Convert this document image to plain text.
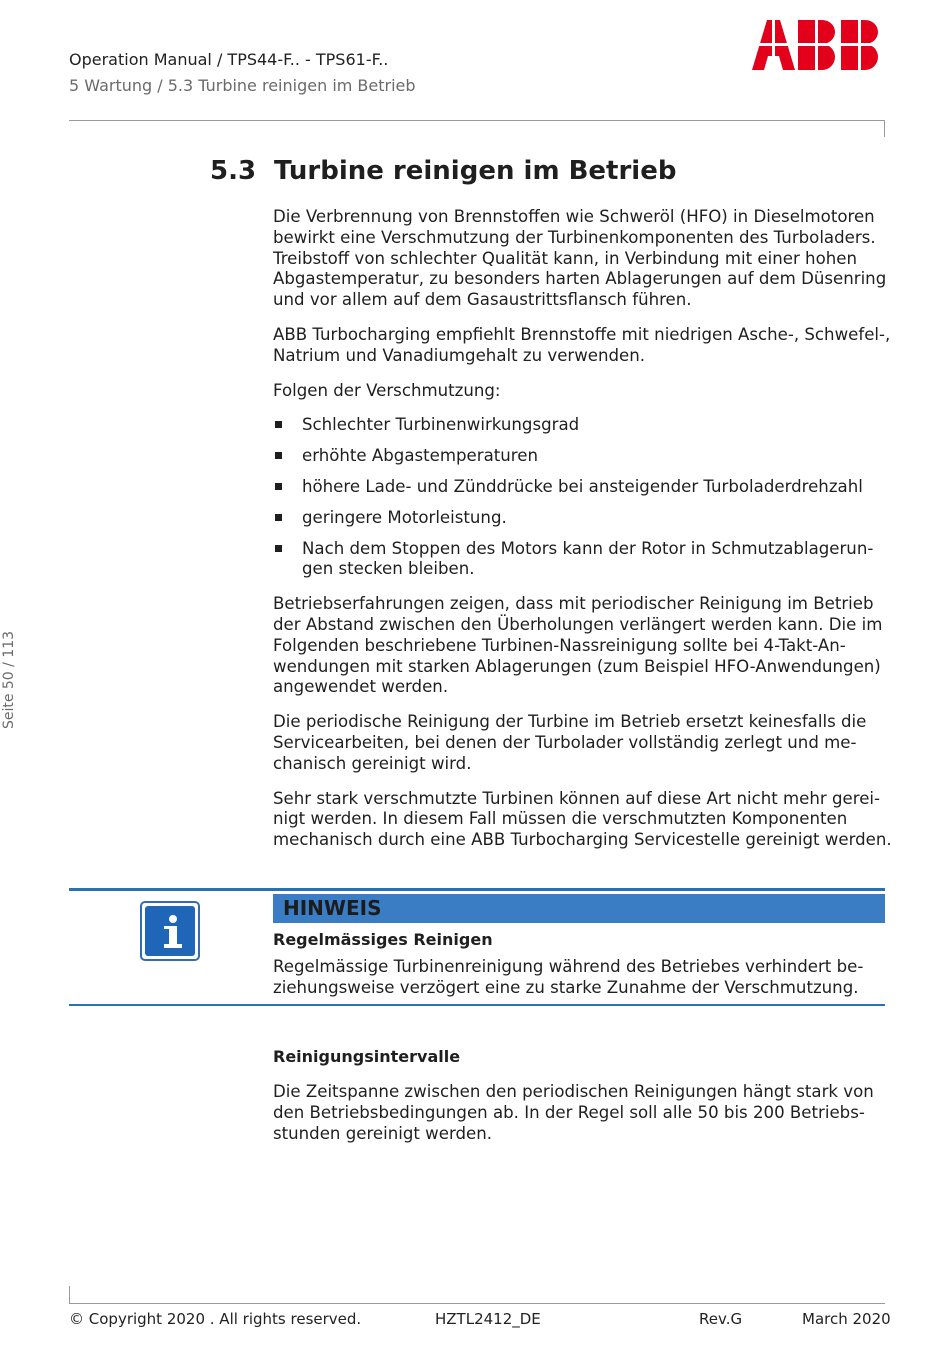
Operation Manual / TPS44-F.. - TPS61-F..
5 Wartung / 5.3 Turbine reinigen im Betrieb
Seite 50 / 113
5.3 Turbine reinigen im Betrieb

Die Verbrennung von Brennstoffen wie Schweröl (HFO) in Dieselmotoren bewirkt eine Verschmutzung der Turbinenkomponenten des Turboladers. Treibstoff von schlechter Qualität kann, in Verbindung mit einer hohen Abgastemperatur, zu besonders harten Ablagerungen auf dem Düsenring und vor allem auf dem Gasaustrittsflansch führen.

ABB Turbocharging empfiehlt Brennstoffe mit niedrigen Asche-, Schwefel-, Natrium und Vanadiumgehalt zu verwenden.

Folgen der Verschmutzung:

Schlechter Turbinenwirkungsgrad
erhöhte Abgastemperaturen
höhere Lade- und Zünddrücke bei ansteigender Turboladerdrehzahl
geringere Motorleistung.
Nach dem Stoppen des Motors kann der Rotor in Schmutzablagerungen stecken bleiben.

Betriebserfahrungen zeigen, dass mit periodischer Reinigung im Betrieb der Abstand zwischen den Überholungen verlängert werden kann. Die im Folgenden beschriebene Turbinen-Nassreinigung sollte bei 4-Takt-Anwendungen mit starken Ablagerungen (zum Beispiel HFO-Anwendungen) angewendet werden.

Die periodische Reinigung der Turbine im Betrieb ersetzt keinesfalls die Servicearbeiten, bei denen der Turbolader vollständig zerlegt und mechanisch gereinigt wird.

Sehr stark verschmutzte Turbinen können auf diese Art nicht mehr gereinigt werden. In diesem Fall müssen die verschmutzten Komponenten mechanisch durch eine ABB Turbocharging Servicestelle gereinigt werden.

HINWEIS
Regelmässiges Reinigen
Regelmässige Turbinenreinigung während des Betriebes verhindert beziehungsweise verzögert eine zu starke Zunahme der Verschmutzung.
Reinigungsintervalle
Die Zeitspanne zwischen den periodischen Reinigungen hängt stark von den Betriebsbedingungen ab. In der Regel soll alle 50 bis 200 Betriebsstunden gereinigt werden.
© Copyright 2020 . All rights reserved.	HZTL2412_DE	Rev.G	March 2020
